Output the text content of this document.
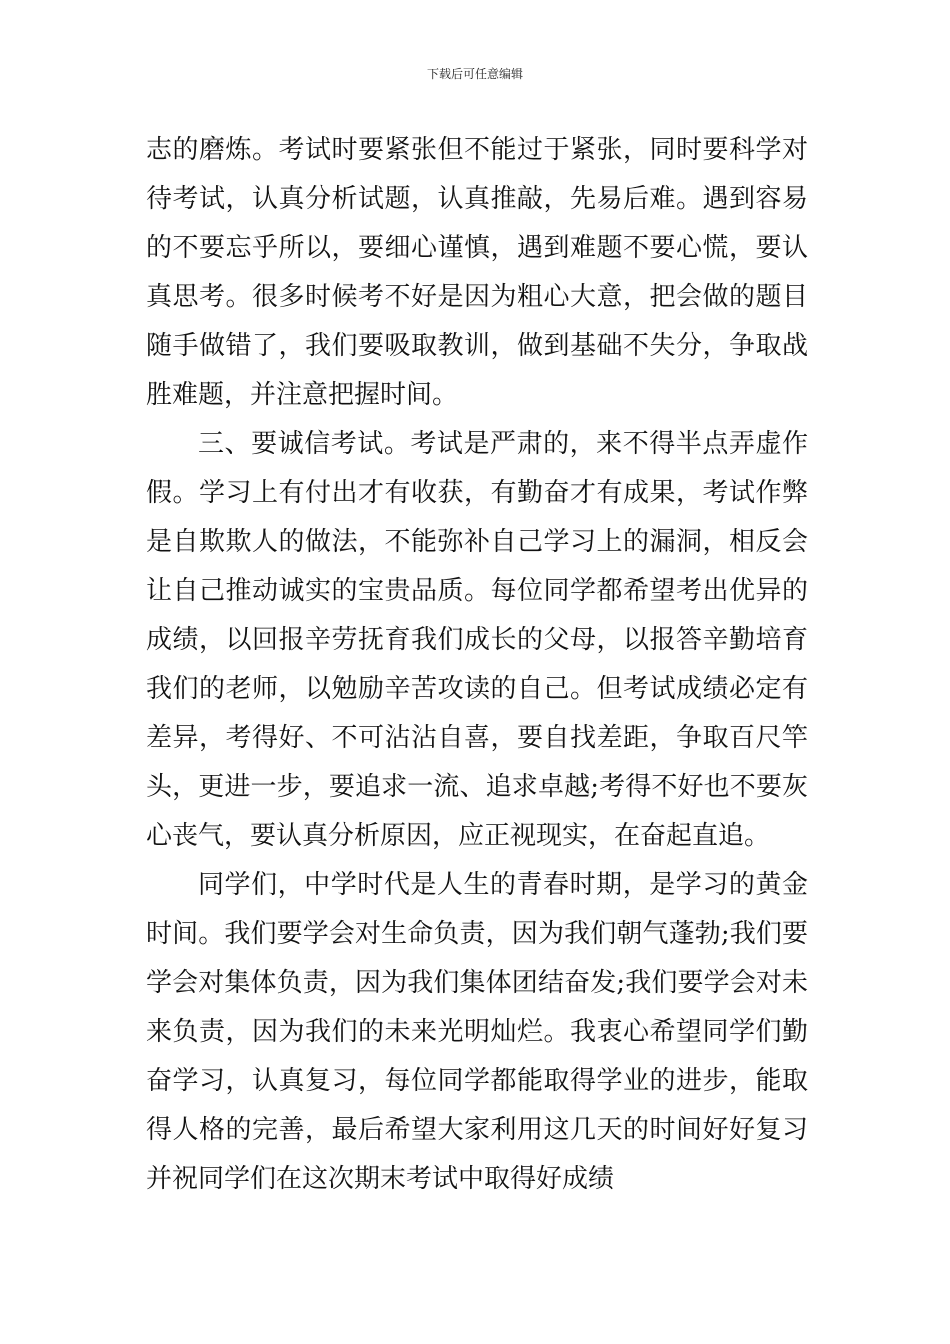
下载后可任意编辑
志的磨炼。考试时要紧张但不能过于紧张，同时要科学对
待考试，认真分析试题，认真推敲，先易后难。遇到容易
的不要忘乎所以，要细心谨慎，遇到难题不要心慌，要认
真思考。很多时候考不好是因为粗心大意，把会做的题目
随手做错了，我们要吸取教训，做到基础不失分，争取战
胜难题，并注意把握时间。
三、要诚信考试。考试是严肃的，来不得半点弄虚作
假。学习上有付出才有收获，有勤奋才有成果，考试作弊
是自欺欺人的做法，不能弥补自己学习上的漏洞，相反会
让自己推动诚实的宝贵品质。每位同学都希望考出优异的
成绩，以回报辛劳抚育我们成长的父母，以报答辛勤培育
我们的老师，以勉励辛苦攻读的自己。但考试成绩必定有
差异，考得好、不可沾沾自喜，要自找差距，争取百尺竿
头，更进一步，要追求一流、追求卓越;考得不好也不要灰
心丧气，要认真分析原因，应正视现实，在奋起直追。
同学们，中学时代是人生的青春时期，是学习的黄金
时间。我们要学会对生命负责，因为我们朝气蓬勃;我们要
学会对集体负责，因为我们集体团结奋发;我们要学会对未
来负责，因为我们的未来光明灿烂。我衷心希望同学们勤
奋学习，认真复习，每位同学都能取得学业的进步，能取
得人格的完善，最后希望大家利用这几天的时间好好复习
并祝同学们在这次期末考试中取得好成绩
